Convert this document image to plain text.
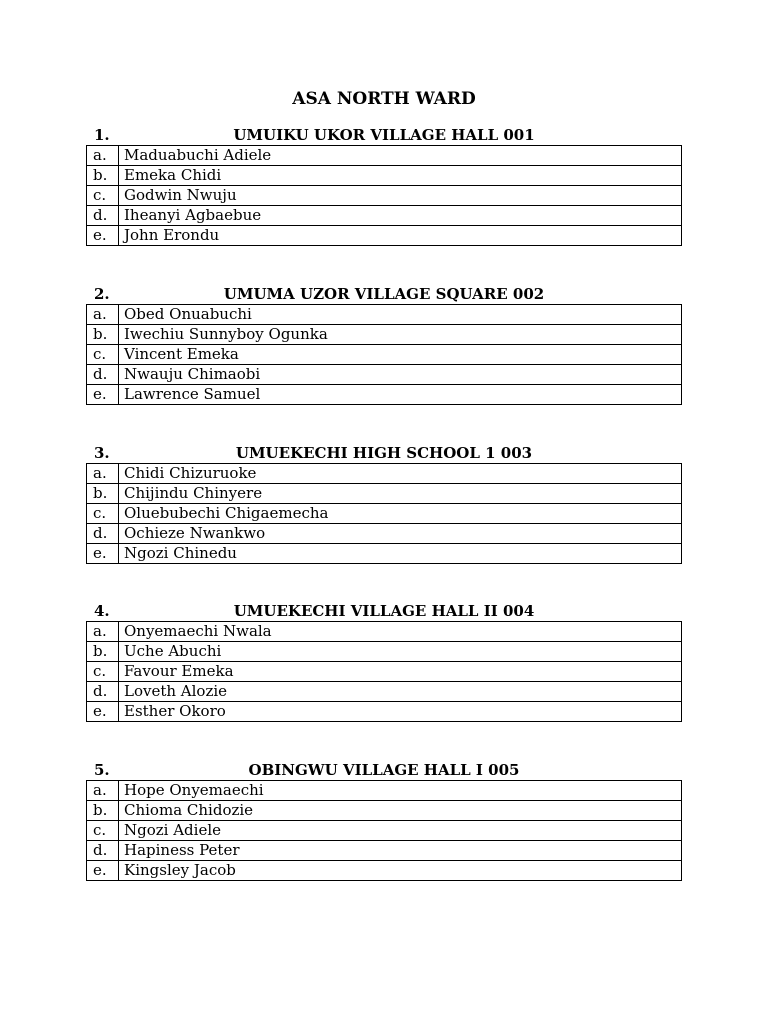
ASA NORTH WARD
1.	UMUIKU UKOR VILLAGE HALL 001
a.	Maduabuchi Adiele
b.	Emeka Chidi
c.	Godwin Nwuju
d.	Iheanyi Agbaebue
e.	John Erondu
2.	UMUMA UZOR VILLAGE SQUARE 002
a.	Obed Onuabuchi
b.	Iwechiu Sunnyboy Ogunka
c.	Vincent Emeka
d.	Nwauju Chimaobi
e.	Lawrence Samuel
3.	UMUEKECHI HIGH SCHOOL 1 003
a.	Chidi Chizuruoke
b.	Chijindu Chinyere
c.	Oluebubechi Chigaemecha
d.	Ochieze Nwankwo
e.	Ngozi Chinedu
4.	UMUEKECHI VILLAGE HALL II 004
a.	Onyemaechi Nwala
b.	Uche Abuchi
c.	Favour Emeka
d.	Loveth Alozie
e.	Esther Okoro
5.	OBINGWU VILLAGE HALL I 005
a.	Hope Onyemaechi
b.	Chioma Chidozie
c.	Ngozi Adiele
d.	Hapiness Peter
e.	Kingsley Jacob
